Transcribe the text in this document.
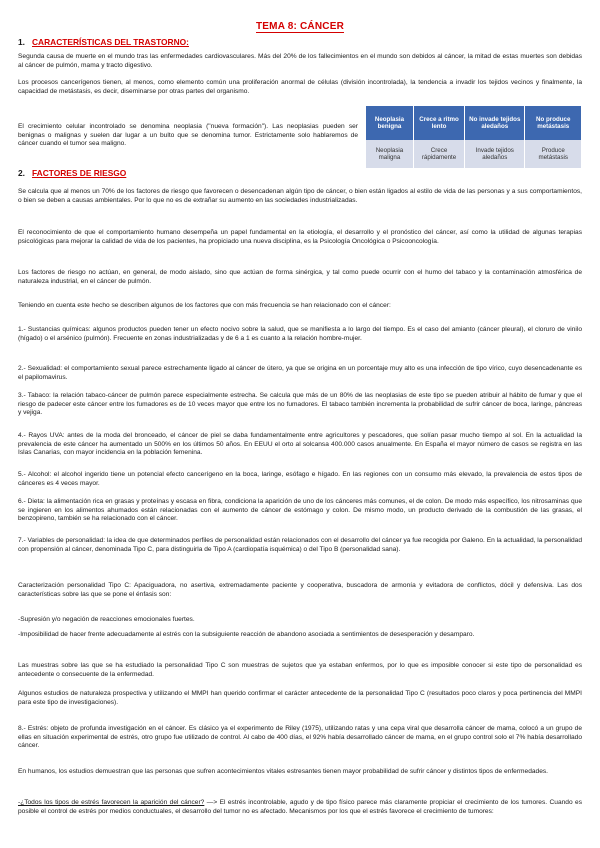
TEMA 8: CÁNCER
1. CARACTERÍSTICAS DEL TRASTORNO:
Segunda causa de muerte en el mundo tras las enfermedades cardiovasculares. Más del 20% de los fallecimientos en el mundo son debidos al cáncer, la mitad de estas muertes son debidas al cáncer de pulmón, mama y tracto digestivo.
Los procesos cancerígenos tienen, al menos, como elemento común una proliferación anormal de células (división incontrolada), la tendencia a invadir los tejidos vecinos y finalmente, la capacidad de metástasis, es decir, diseminarse por otras partes del organismo.
El crecimiento celular incontrolado se denomina neoplasia ("nueva formación"). Las neoplasias pueden ser benignas o malignas y suelen dar lugar a un bulto que se denomina tumor. Estrictamente solo hablaremos de cáncer cuando el tumor sea maligno.
Neoplasia benigna	Crece a ritmo lento	No invade tejidos aledaños	No produce metástasis
Neoplasia maligna	Crece rápidamente	Invade tejidos aledaños	Produce metástasis
2. FACTORES DE RIESGO
Se calcula que al menos un 70% de los factores de riesgo que favorecen o desencadenan algún tipo de cáncer, o bien están ligados al estilo de vida de las personas y a sus comportamientos, o bien se deben a causas ambientales. Por lo que no es de extrañar su aumento en las sociedades industrializadas.
El reconocimiento de que el comportamiento humano desempeña un papel fundamental en la etiología, el desarrollo y el pronóstico del cáncer, así como la utilidad de algunas terapias psicológicas para mejorar la calidad de vida de los pacientes, ha propiciado una nueva disciplina, es la Psicología Oncológica o Psicooncología.
Los factores de riesgo no actúan, en general, de modo aislado, sino que actúan de forma sinérgica, y tal como puede ocurrir con el humo del tabaco y la contaminación atmosférica de naturaleza industrial, en el cáncer de pulmón.
Teniendo en cuenta este hecho se describen algunos de los factores que con más frecuencia se han relacionado con el cáncer:
1.- Sustancias químicas: algunos productos pueden tener un efecto nocivo sobre la salud, que se manifiesta a lo largo del tiempo. Es el caso del amianto (cáncer pleural), el cloruro de vinilo (hígado) o el arsénico (pulmón). Frecuente en zonas industrializadas y de 6 a 1 es cuanto a la relación hombre-mujer.
2.- Sexualidad: el comportamiento sexual parece estrechamente ligado al cáncer de útero, ya que se origina en un porcentaje muy alto es una infección de tipo vírico, cuyo desencadenante es el papilomavirus.
3.- Tabaco: la relación tabaco-cáncer de pulmón parece especialmente estrecha. Se calcula que más de un 80% de las neoplasias de este tipo se pueden atribuir al hábito de fumar y que el riesgo de padecer este cáncer entre los fumadores es de 10 veces mayor que entre los no fumadores. El tabaco también incrementa la probabilidad de sufrir cáncer de boca, laringe, páncreas y vejiga.
4.- Rayos UVA: antes de la moda del bronceado, el cáncer de piel se daba fundamentalmente entre agricultores y pescadores, que solían pasar mucho tiempo al sol. En la actualidad la prevalencia de este cáncer ha aumentado un 500% en los últimos 50 años. En EEUU el orto al solcansa 400.000 casos anualmente. En España el mayor número de casos se registra en las Islas Canarias, con mayor incidencia en la población femenina.
5.- Alcohol: el alcohol ingerido tiene un potencial efecto cancerígeno en la boca, laringe, esófago e hígado. En las regiones con un consumo más elevado, la prevalencia de estos tipos de cánceres es 4 veces mayor.
6.- Dieta: la alimentación rica en grasas y proteínas y escasa en fibra, condiciona la aparición de uno de los cánceres más comunes, el de colon. De modo más específico, los nitrosaminas que se ingieren en los alimentos ahumados están relacionadas con el aumento de cáncer de estómago y colon. De mismo modo, un producto derivado de la combustión de las grasas, el benzopireno, también se ha relacionado con el cáncer.
7.- Variables de personalidad: la idea de que determinados perfiles de personalidad están relacionados con el desarrollo del cáncer ya fue recogida por Galeno. En la actualidad, la personalidad con propensión al cáncer, denominada Tipo C, para distinguirla de Tipo A (cardiopatía isquémica) o del Tipo B (personalidad sana).
Caracterización personalidad Tipo C: Apaciguadora, no asertiva, extremadamente paciente y cooperativa, buscadora de armonía y evitadora de conflictos, dócil y defensiva. Las dos características sobre las que se pone el énfasis son:
-Supresión y/o negación de reacciones emocionales fuertes.
-Imposibilidad de hacer frente adecuadamente al estrés con la subsiguiente reacción de abandono asociada a sentimientos de desesperación y desamparo.
Las muestras sobre las que se ha estudiado la personalidad Tipo C son muestras de sujetos que ya estaban enfermos, por lo que es imposible conocer si este tipo de personalidad es antecedente o consecuente de la enfermedad.
Algunos estudios de naturaleza prospectiva y utilizando el MMPI han querido confirmar el carácter antecedente de la personalidad Tipo C (resultados poco claros y poca pertinencia del MMPI para este tipo de investigaciones).
8.- Estrés: objeto de profunda investigación en el cáncer. Es clásico ya el experimento de Riley (1975), utilizando ratas y una cepa viral que desarrolla cáncer de mama, colocó a un grupo de ellas en situación experimental de estrés, otro grupo fue utilizado de control. Al cabo de 400 días, el 92% había desarrollado cáncer de mama, en el grupo control solo el 7% había desarrollado cáncer.
En humanos, los estudios demuestran que las personas que sufren acontecimientos vitales estresantes tienen mayor probabilidad de sufrir cáncer y distintos tipos de enfermedades.
-¿Todos los tipos de estrés favorecen la aparición del cáncer? —> El estrés incontrolable, agudo y de tipo físico parece más claramente propiciar el crecimiento de los tumores. Cuando es posible el control de estrés por medios conductuales, el desarrollo del tumor no es afectado. Mecanismos por los que el estrés favorece el crecimiento de tumores:
